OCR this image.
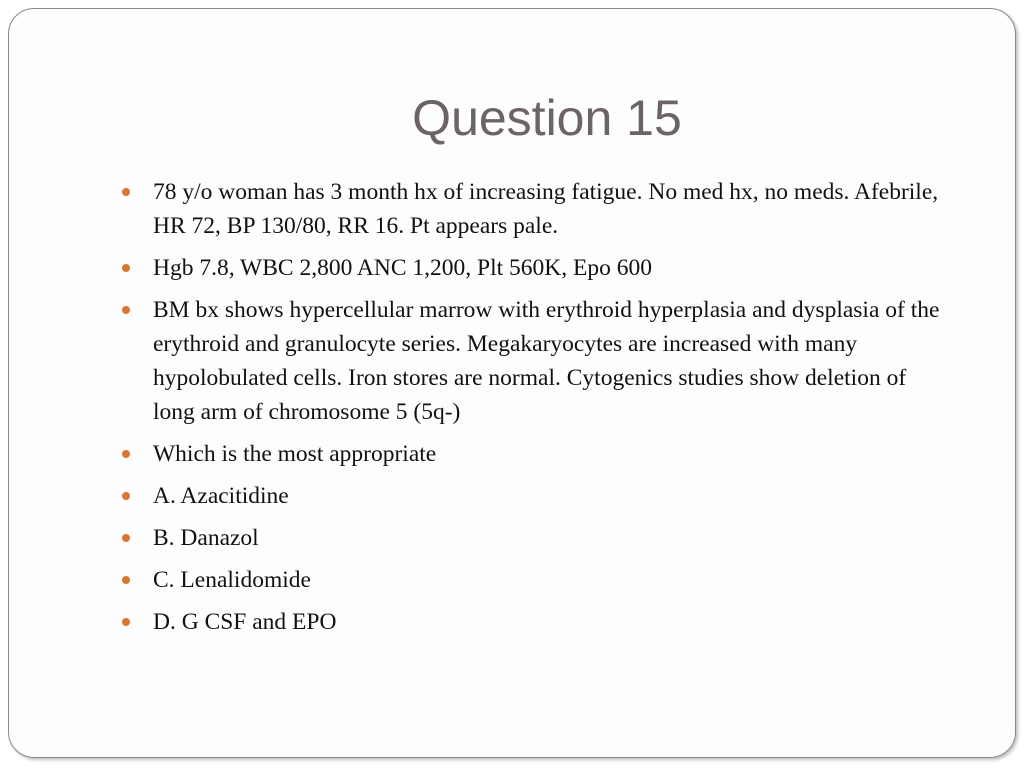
Question 15
78 y/o woman has 3 month hx of increasing fatigue. No med hx, no meds. Afebrile, HR 72, BP 130/80, RR 16. Pt appears pale.
Hgb 7.8, WBC 2,800 ANC 1,200, Plt 560K, Epo 600
BM bx shows hypercellular marrow with erythroid hyperplasia and dysplasia of the erythroid and granulocyte series. Megakaryocytes are increased with many hypolobulated cells. Iron stores are normal. Cytogenics studies show deletion of long arm of chromosome 5 (5q-)
Which is the most appropriate
A. Azacitidine
B. Danazol
C. Lenalidomide
D. G CSF and EPO
